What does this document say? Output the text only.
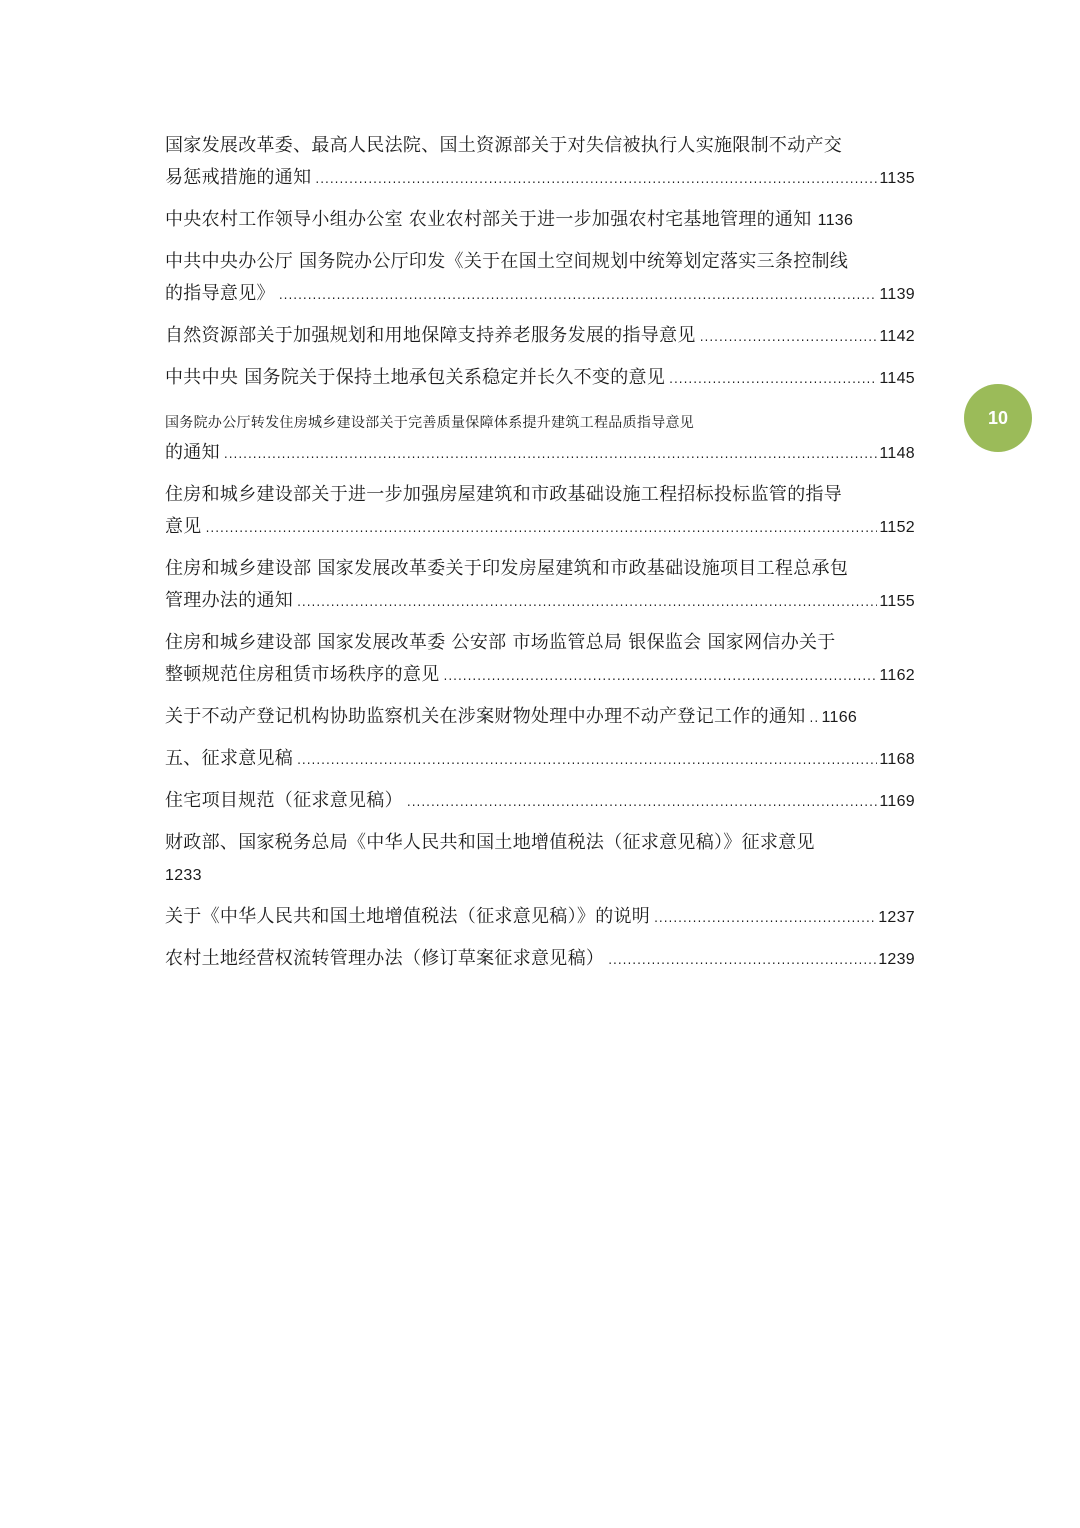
国家发展改革委、最高人民法院、国土资源部关于对失信被执行人实施限制不动产交
易惩戒措施的通知 .....	1135
中央农村工作领导小组办公室 农业农村部关于进一步加强农村宅基地管理的通知 1136
中共中央办公厅 国务院办公厅印发《关于在国土空间规划中统筹划定落实三条控制线
的指导意见》 .....	1139
自然资源部关于加强规划和用地保障支持养老服务发展的指导意见 .....	1142
中共中央 国务院关于保持土地承包关系稳定并长久不变的意见 .....	1145
国务院办公厅转发住房城乡建设部关于完善质量保障体系提升建筑工程品质指导意见
的通知 .....	1148
住房和城乡建设部关于进一步加强房屋建筑和市政基础设施工程招标投标监管的指导
意见 .....	1152
住房和城乡建设部 国家发展改革委关于印发房屋建筑和市政基础设施项目工程总承包
管理办法的通知 .....	1155
住房和城乡建设部 国家发展改革委 公安部 市场监管总局 银保监会 国家网信办关于
整顿规范住房租赁市场秩序的意见 .....	1162
关于不动产登记机构协助监察机关在涉案财物处理中办理不动产登记工作的通知 ..... 1166
五、征求意见稿 .....	1168
住宅项目规范（征求意见稿） .....	1169
财政部、国家税务总局《中华人民共和国土地增值税法（征求意见稿）》征求意见
1233
关于《中华人民共和国土地增值税法（征求意见稿）》的说明 .....	1237
农村土地经营权流转管理办法（修订草案征求意见稿） .....	1239
10
